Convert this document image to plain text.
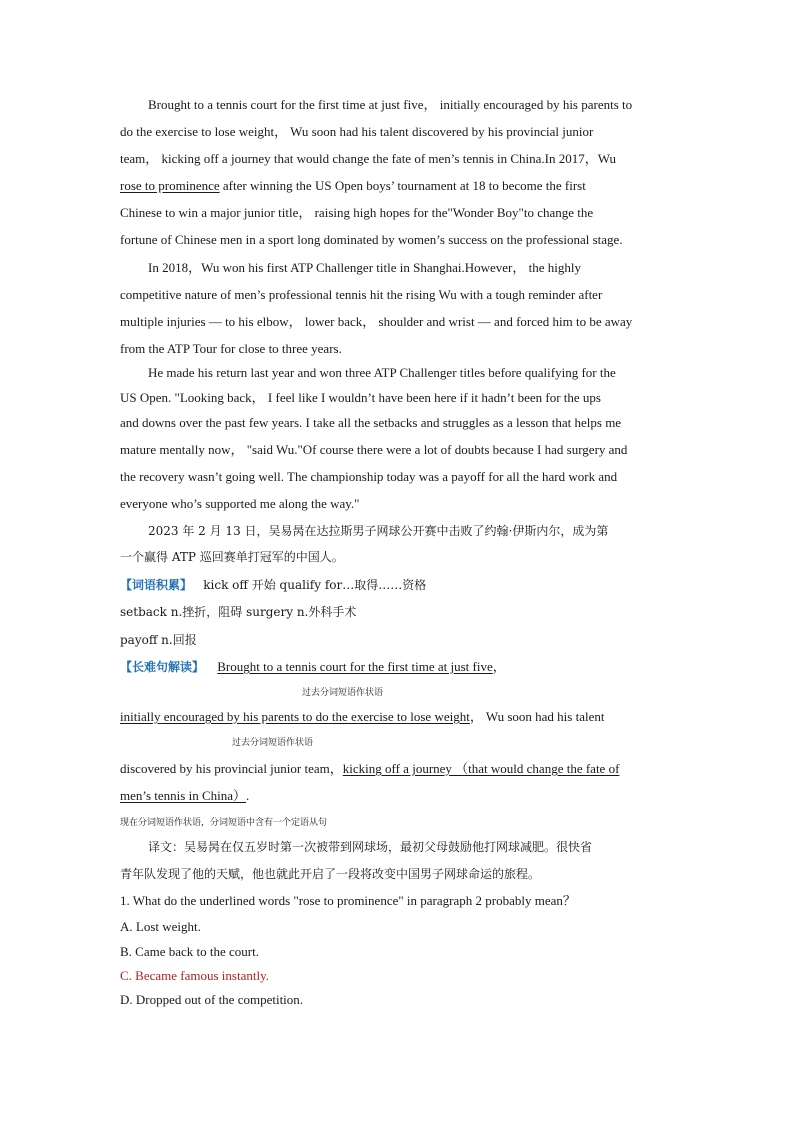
Brought to a tennis court for the first time at just five， initially encouraged by his parents to
do the exercise to lose weight， Wu soon had his talent discovered by his provincial junior
team， kicking off a journey that would change the fate of men’s tennis in China.In 2017，Wu
rose to prominence after winning the US Open boys’ tournament at 18 to become the first
Chinese to win a major junior title， raising high hopes for the"Wonder Boy"to change the
fortune of Chinese men in a sport long dominated by women’s success on the professional stage.
In 2018，Wu won his first ATP Challenger title in Shanghai.However， the highly
competitive nature of men’s professional tennis hit the rising Wu with a tough reminder after
multiple injuries — to his elbow， lower back， shoulder and wrist — and forced him to be away
from the ATP Tour for close to three years.
He made his return last year and won three ATP Challenger titles before qualifying for the
US Open. "Looking back， I feel like I wouldn’t have been here if it hadn’t been for the ups
and downs over the past few years. I take all the setbacks and struggles as a lesson that helps me
mature mentally now， "said Wu."Of course there were a lot of doubts because I had surgery and
the recovery wasn’t going well. The championship today was a payoff for all the hard work and
everyone who’s supported me along the way."
2023 年 2 月 13 日，吴易昺在达拉斯男子网球公开赛中击败了约翰·伊斯内尔，成为第
一个赢得 ATP 巡回赛单打冠军的中国人。
【词语积累】 kick off 开始 qualify for…取得……资格
setback n.挫折，阻碍 surgery n.外科手术
payoff n.回报
【长难句解读】 Brought to a tennis court for the first time at just five，
过去分词短语作状语
initially encouraged by his parents to do the exercise to lose weight， Wu soon had his talent
过去分词短语作状语
discovered by his provincial junior team，kicking off a journey （that would change the fate of
men’s tennis in China）.
现在分词短语作状语，分词短语中含有一个定语从句
译文：吴易昺在仅五岁时第一次被带到网球场，最初父母鼓励他打网球减肥。很快省
青年队发现了他的天赋，他也就此开启了一段将改变中国男子网球命运的旅程。
1. What do the underlined words "rose to prominence" in paragraph 2 probably mean？
A. Lost weight.
B. Came back to the court.
C. Became famous instantly.
D. Dropped out of the competition.
